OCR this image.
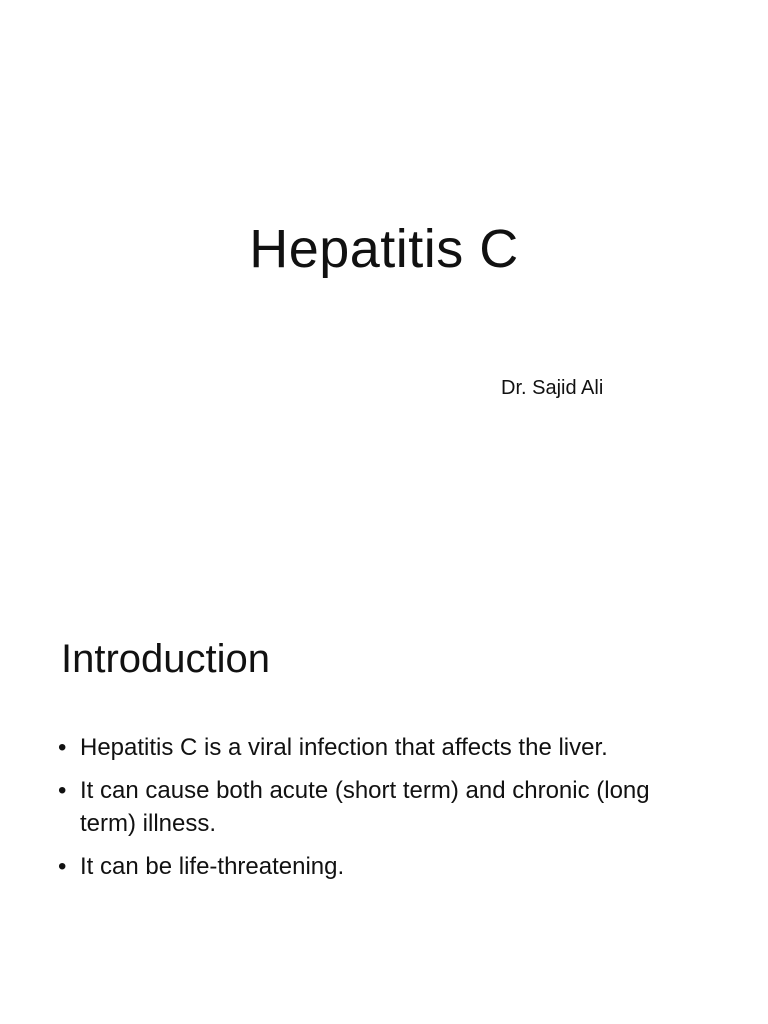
Hepatitis C
Dr. Sajid Ali
Introduction
• Hepatitis C is a viral infection that affects the liver.
• It can cause both acute (short term) and chronic (long term) illness.
• It can be life-threatening.
